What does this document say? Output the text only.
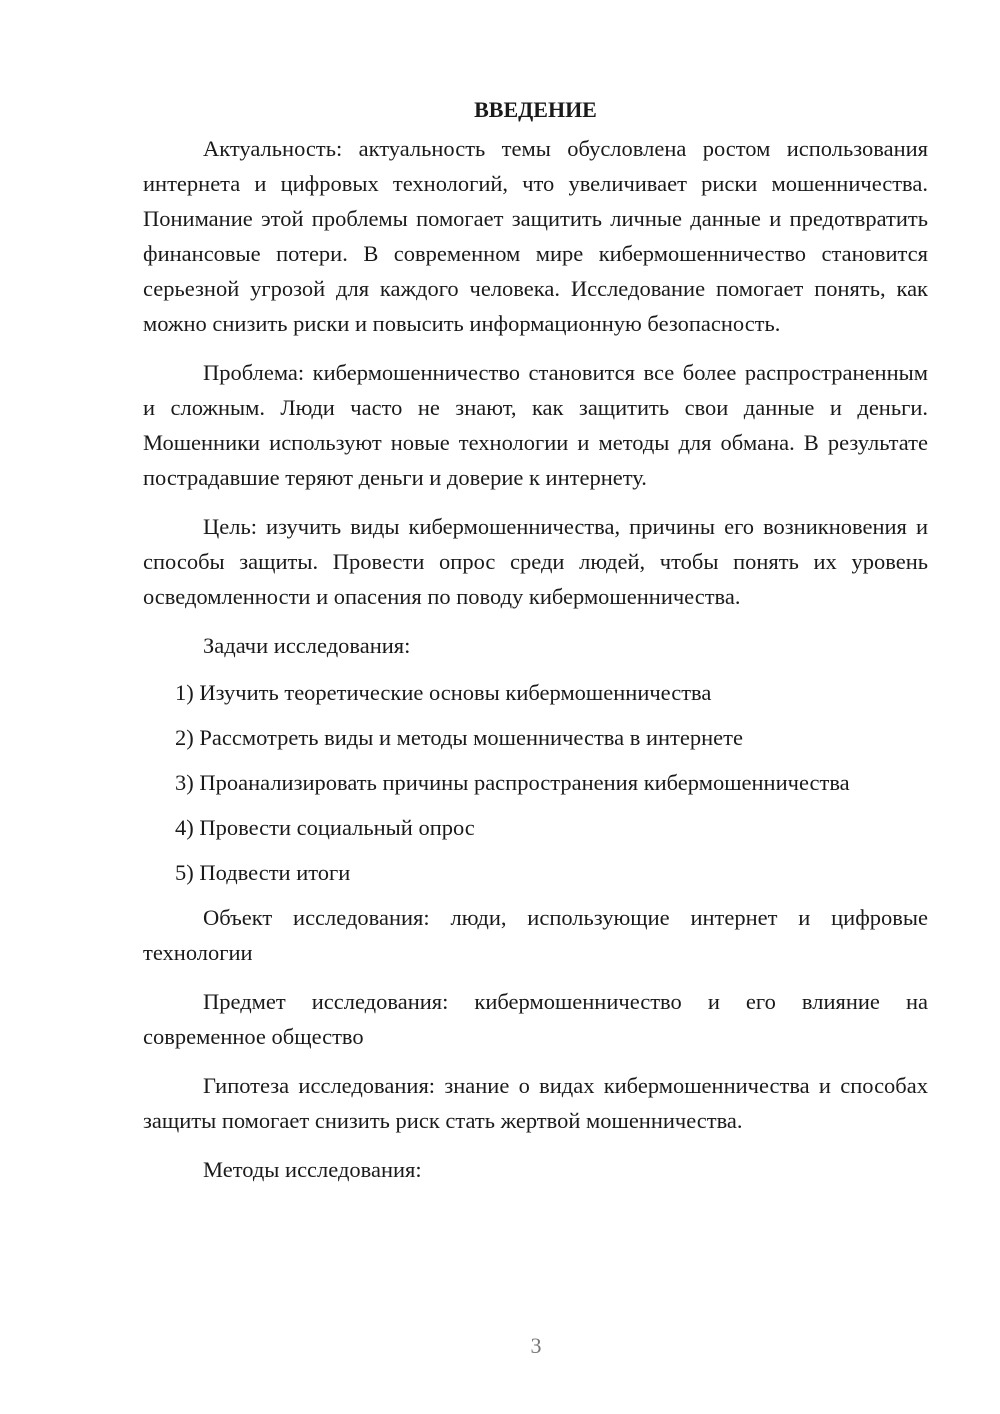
ВВЕДЕНИЕ

Актуальность: актуальность темы обусловлена ростом использования интернета и цифровых технологий, что увеличивает риски мошенничества. Понимание этой проблемы помогает защитить личные данные и предотвратить финансовые потери. В современном мире кибермошенничество становится серьезной угрозой для каждого человека. Исследование помогает понять, как можно снизить риски и повысить информационную безопасность.

Проблема: кибермошенничество становится все более распространенным и сложным. Люди часто не знают, как защитить свои данные и деньги. Мошенники используют новые технологии и методы для обмана. В результате пострадавшие теряют деньги и доверие к интернету.

Цель: изучить виды кибермошенничества, причины его возникновения и способы защиты. Провести опрос среди людей, чтобы понять их уровень осведомленности и опасения по поводу кибермошенничества.

Задачи исследования:

1) Изучить теоретические основы кибермошенничества
2) Рассмотреть виды и методы мошенничества в интернете
3) Проанализировать причины распространения кибермошенничества
4) Провести социальный опрос
5) Подвести итоги

Объект исследования: люди, использующие интернет и цифровые технологии

Предмет исследования: кибермошенничество и его влияние на современное общество

Гипотеза исследования: знание о видах кибермошенничества и способах защиты помогает снизить риск стать жертвой мошенничества.

Методы исследования:

3
